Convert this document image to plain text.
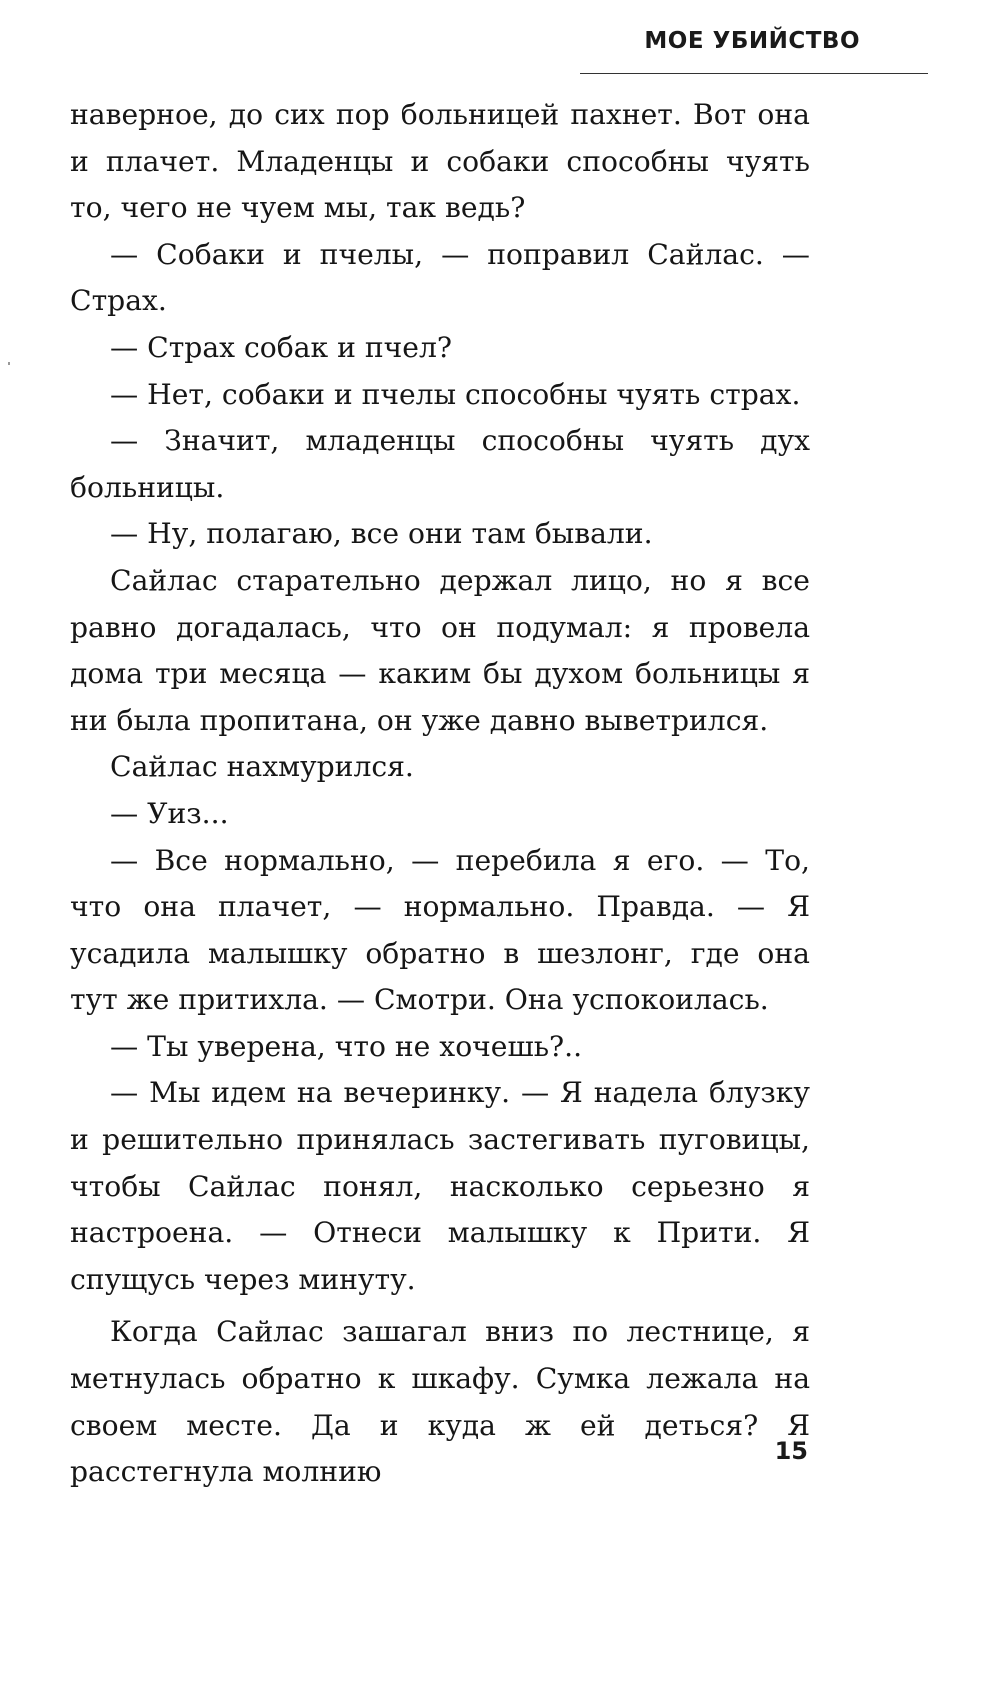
МОЕ УБИЙСТВО

наверное, до сих пор больницей пахнет. Вот она и плачет. Младенцы и собаки способны чуять то, чего не чуем мы, так ведь?

— Собаки и пчелы, — поправил Сайлас. — Страх.

— Страх собак и пчел?

— Нет, собаки и пчелы способны чуять страх.

— Значит, младенцы способны чуять дух больницы.

— Ну, полагаю, все они там бывали.

Сайлас старательно держал лицо, но я все равно догадалась, что он подумал: я провела дома три месяца — каким бы духом больницы я ни была пропитана, он уже давно выветрился.

Сайлас нахмурился.

— Уиз...

— Все нормально, — перебила я его. — То, что она плачет, — нормально. Правда. — Я усадила малышку обратно в шезлонг, где она тут же притихла. — Смотри. Она успокоилась.

— Ты уверена, что не хочешь?..

— Мы идем на вечеринку. — Я надела блузку и решительно принялась застегивать пуговицы, чтобы Сайлас понял, насколько серьезно я настроена. — Отнеси малышку к Прити. Я спущусь через минуту.

Когда Сайлас зашагал вниз по лестнице, я метнулась обратно к шкафу. Сумка лежала на своем месте. Да и куда ж ей деться? Я расстегнула молнию

15
